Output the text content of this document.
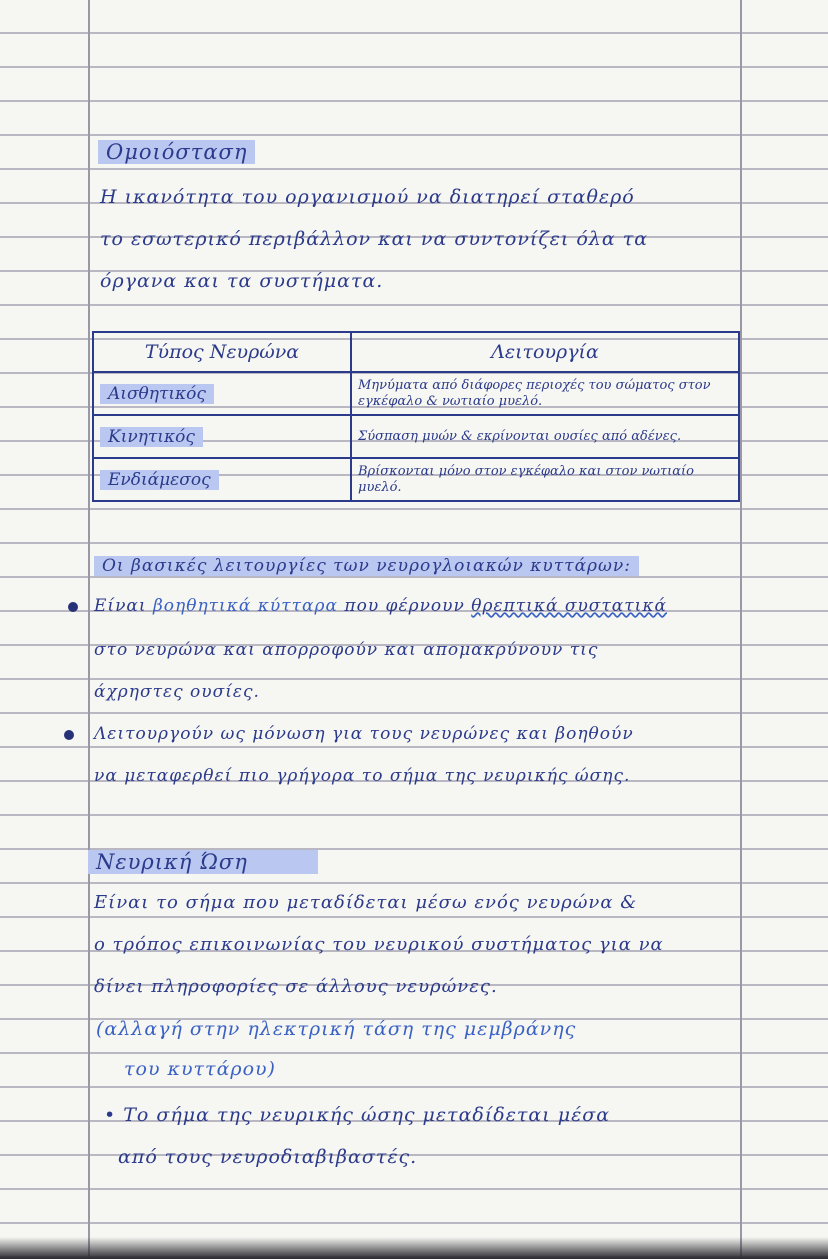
Ομοιόσταση
Η ικανότητα του οργανισμού να διατηρεί σταθερό
το εσωτερικό περιβάλλον και να συντονίζει όλα τα
όργανα και τα συστήματα.
Τύπος Νευρώνα	Λειτουργία
Αισθητικός	Μηνύματα από διάφορες περιοχές του σώματος στον εγκέφαλο & νωτιαίο μυελό.
Κινητικός	Σύσπαση μυών & εκρίνονται ουσίες από αδένες.
Ενδιάμεσος	Βρίσκονται μόνο στον εγκέφαλο και στον νωτιαίο μυελό.
Οι βασικές λειτουργίες των νευρογλοιακών κυττάρων:
Είναι βοηθητικά κύτταρα που φέρνουν θρεπτικά συστατικά
στο νευρώνα και απορροφούν και απομακρύνουν τις
άχρηστες ουσίες.
Λειτουργούν ως μόνωση για τους νευρώνες και βοηθούν
να μεταφερθεί πιο γρήγορα το σήμα της νευρικής ώσης.
Νευρική Ώση
Είναι το σήμα που μεταδίδεται μέσω ενός νευρώνα &
ο τρόπος επικοινωνίας του νευρικού συστήματος για να
δίνει πληροφορίες σε άλλους νευρώνες.
(αλλαγή στην ηλεκτρική τάση της μεμβράνης
του κυττάρου)
• Το σήμα της νευρικής ώσης μεταδίδεται μέσα
από τους νευροδιαβιβαστές.
